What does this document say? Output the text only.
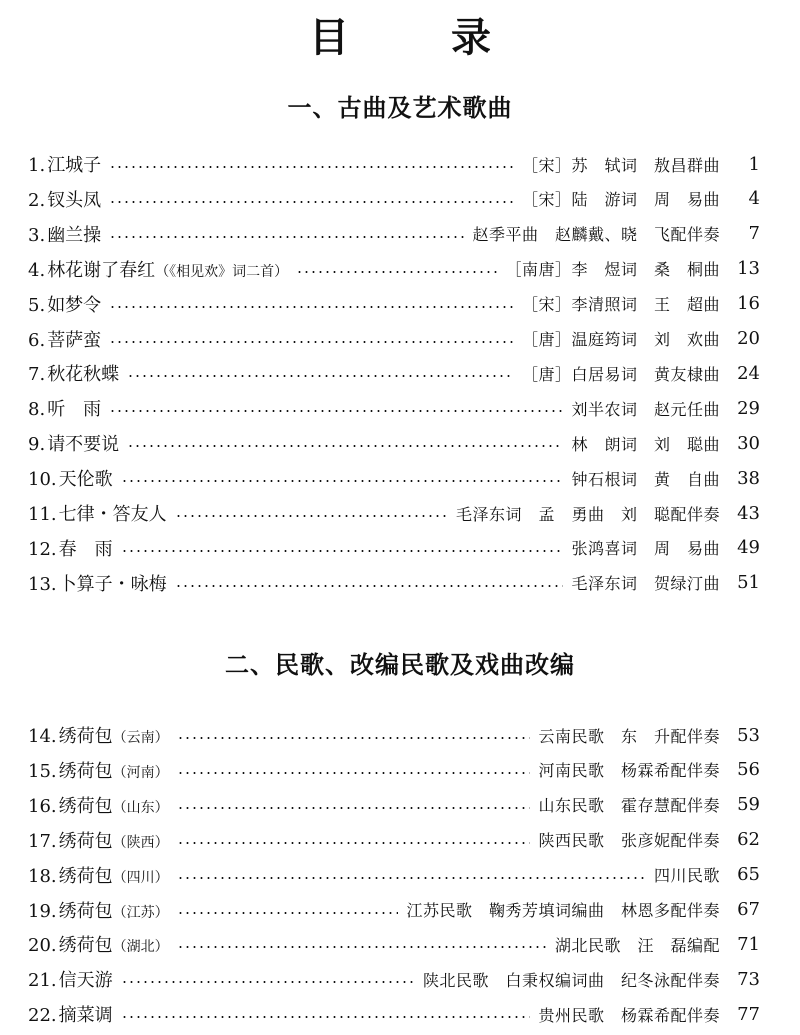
目 录
一、古曲及艺术歌曲
1. 江城子	［宋］苏　轼词　敖昌群曲	1
2. 钗头凤	［宋］陆　游词　周　易曲	4
3. 幽兰操	赵季平曲　赵麟戴、晓　飞配伴奏	7
4. 林花谢了春红（《相见欢》词二首）	［南唐］李　煜词　桑　桐曲 13
5. 如梦令	［宋］李清照词　王　超曲 16
6. 菩萨蛮	［唐］温庭筠词　刘　欢曲 20
7. 秋花秋蝶	［唐］白居易词　黄友棣曲 24
8. 听　雨	刘半农词　赵元任曲 29
9. 请不要说	林　朗词　刘　聪曲 30
10. 天伦歌	钟石根词　黄　自曲 38
11. 七律・答友人	毛泽东词　孟　勇曲　刘　聪配伴奏 43
12. 春　雨	张鸿喜词　周　易曲 49
13. 卜算子・咏梅	毛泽东词　贺绿汀曲 51
二、民歌、改编民歌及戏曲改编
14. 绣荷包（云南）	云南民歌　东　升配伴奏 53
15. 绣荷包（河南）	河南民歌　杨霖希配伴奏 56
16. 绣荷包（山东）	山东民歌　霍存慧配伴奏 59
17. 绣荷包（陕西）	陕西民歌　张彦妮配伴奏 62
18. 绣荷包（四川）	四川民歌 65
19. 绣荷包（江苏）	江苏民歌　鞠秀芳填词编曲　林恩多配伴奏 67
20. 绣荷包（湖北）	湖北民歌　汪　磊编配 71
21. 信天游	陕北民歌　白秉权编词曲　纪冬泳配伴奏 73
22. 摘菜调	贵州民歌　杨霖希配伴奏 77
